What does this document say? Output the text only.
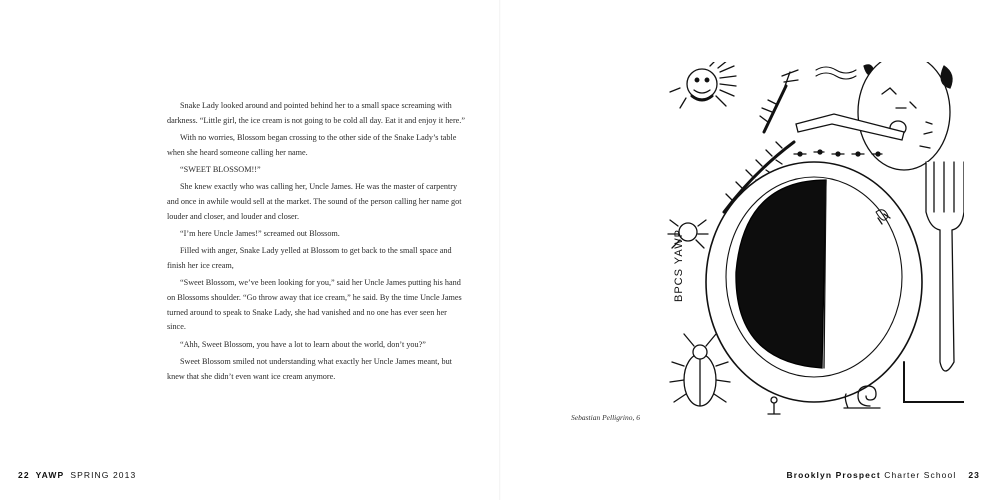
Snake Lady looked around and pointed behind her to a small space screaming with darkness. “Little girl, the ice cream is not going to be cold all day. Eat it and enjoy it here.”

With no worries, Blossom began crossing to the other side of the Snake Lady’s table when she heard someone calling her name.

“SWEET BLOSSOM!!”

She knew exactly who was calling her, Uncle James. He was the master of carpentry and once in awhile would sell at the market. The sound of the person calling her name got louder and closer, and louder and closer.

“I’m here Uncle James!” screamed out Blossom.

Filled with anger, Snake Lady yelled at Blossom to get back to the small space and finish her ice cream,

“Sweet Blossom, we’ve been looking for you,” said her Uncle James putting his hand on Blossoms shoulder. “Go throw away that ice cream,” he said. By the time Uncle James turned around to speak to Snake Lady, she had vanished and no one has ever seen her since.

“Ahh, Sweet Blossom, you have a lot to learn about the world, don’t you?”

Sweet Blossom smiled not understanding what exactly her Uncle James meant, but knew that she didn’t even want ice cream anymore.

Sebastian Pelligrino, 6
BPCS YAWP
22 YAWP SPRING 2013	Brooklyn Prospect Charter School 23
